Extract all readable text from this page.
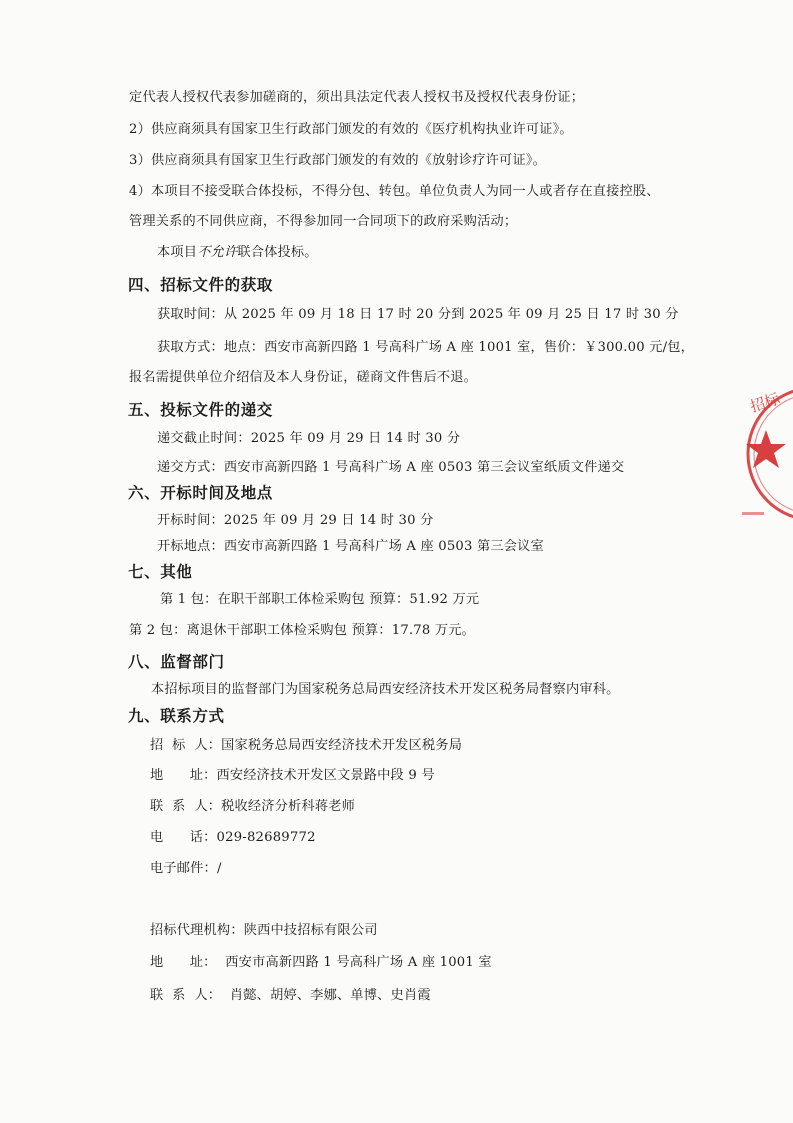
定代表人授权代表参加磋商的，须出具法定代表人授权书及授权代表身份证；
2）供应商须具有国家卫生行政部门颁发的有效的《医疗机构执业许可证》。
3）供应商须具有国家卫生行政部门颁发的有效的《放射诊疗许可证》。
4）本项目不接受联合体投标，不得分包、转包。单位负责人为同一人或者存在直接控股、
管理关系的不同供应商，不得参加同一合同项下的政府采购活动；
本项目不允许联合体投标。
四、招标文件的获取
获取时间：从 2025 年 09 月 18 日 17 时 20 分到 2025 年 09 月 25 日 17 时 30 分
获取方式：地点：西安市高新四路 1 号高科广场 A 座 1001 室，售价：￥300.00 元/包，
报名需提供单位介绍信及本人身份证，磋商文件售后不退。
五、投标文件的递交
递交截止时间：2025 年 09 月 29 日 14 时 30 分
递交方式：西安市高新四路 1 号高科广场 A 座 0503 第三会议室纸质文件递交
六、开标时间及地点
开标时间：2025 年 09 月 29 日 14 时 30 分
开标地点：西安市高新四路 1 号高科广场 A 座 0503 第三会议室
七、其他
第 1 包：在职干部职工体检采购包 预算：51.92 万元
第 2 包：离退休干部职工体检采购包 预算：17.78 万元。
八、监督部门
本招标项目的监督部门为国家税务总局西安经济技术开发区税务局督察内审科。
九、联系方式
招  标  人：国家税务总局西安经济技术开发区税务局
地      址：西安经济技术开发区文景路中段 9 号
联  系  人：税收经济分析科蒋老师
电      话：029-82689772
电子邮件：/
招标代理机构：陕西中技招标有限公司
地      址：  西安市高新四路 1 号高科广场 A 座 1001 室
联  系  人：  肖懿、胡婷、李娜、单博、史肖霞
招标
